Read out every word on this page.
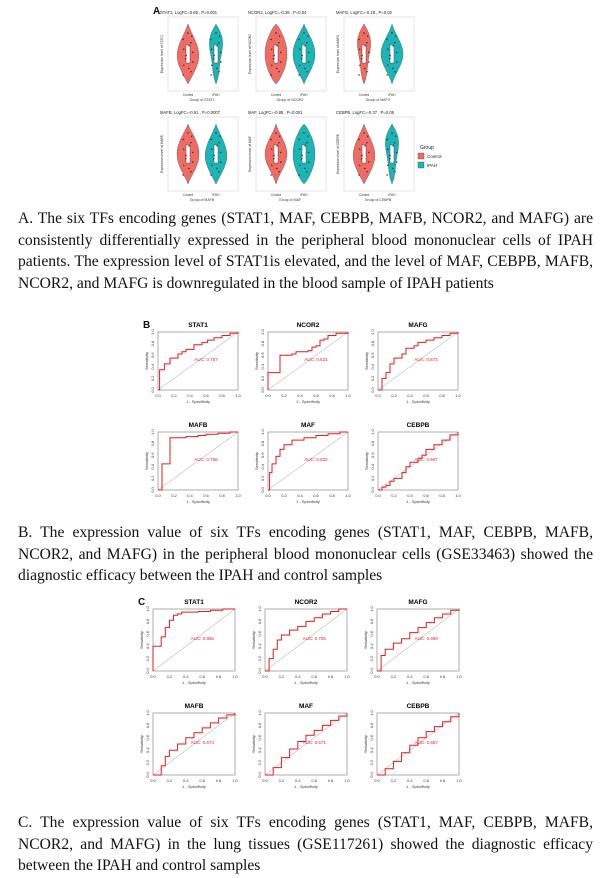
A STAT1, LogFC=0.65 , P=0.001
Expression level of STAT1
Control	IPAH
Group of STAT1
NCOR2, LogFC=-0.35 , P=0.04
Expression level of NCOR2
Control	IPAH
Group of NCOR2
MAFG, LogFC=-0.18 , P=0.02
Expression level of MAFG
Control	IPAH
Group of MAFG
MAFB, LogFC=-0.91 , P=0.0007
Expression level of MAFB
Control	IPAH
Group of MAFB
MAF, LogFC=-0.88 , P=0.001
Expression level of MAF
Control	IPAH
Group of MAF
CEBPB, LogFC=-0.37 , P=0.05
Expression level of CEBPB
Control	IPAH
Group of CEBPB
Group
Control
IPAH
A. The six TFs encoding genes (STAT1, MAF, CEBPB, MAFB, NCOR2, and MAFG) are consistently differentially expressed in the peripheral blood mononuclear cells of IPAH patients. The expression level of STAT1is elevated, and the level of MAF, CEBPB, MAFB, NCOR2, and MAFG is downregulated in the blood sample of IPAH patients
B	STAT1
0.0
0.0
0.2
0.2
0.4
0.4
0.6
0.6
0.8
0.8
1.0
1.0
1 - Specificity
Sensitivity	AUC: 0.757
NCOR2
0.0
0.0
0.2
0.2
0.4
0.4
0.6
0.6
0.8
0.8
1.0
1.0
1 - Specificity
Sensitivity	AUC: 0.621
MAFG
0.0
0.0
0.2
0.2
0.4
0.4
0.6
0.6
0.8
0.8
1.0
1.0
1 - Specificity
Sensitivity	AUC: 0.673
MAFB
0.0
0.0
0.2
0.2
0.4
0.4
0.6
0.6
0.8
0.8
1.0
1.0
1 - Specificity
Sensitivity	AUC: 0.758
MAF
0.0
0.0
0.2
0.2
0.4
0.4
0.6
0.6
0.8
0.8
1.0
1.0
1 - Specificity
Sensitivity	AUC: 0.832
CEBPB
0.0
0.0
0.2
0.2
0.4
0.4
0.6
0.6
0.8
0.8
1.0
1.0
1 - Specificity
Sensitivity	AUC: 0.667
B. The expression value of six TFs encoding genes (STAT1, MAF, CEBPB, MAFB, NCOR2, and MAFG) in the peripheral blood mononuclear cells (GSE33463) showed the diagnostic efficacy between the IPAH and control samples
C	STAT1
0.0
0.0
0.2
0.2
0.4
0.4
0.6
0.6
0.8
0.8
1.0
1.0
1 - Specificity
Sensitivity	AUC: 0.855
NCOR2
0.0
0.0
0.2
0.2
0.4
0.4
0.6
0.6
0.8
0.8
1.0
1.0
1 - Specificity
Sensitivity	AUC: 0.726
MAFG
0.0
0.0
0.2
0.2
0.4
0.4
0.6
0.6
0.8
0.8
1.0
1.0
1 - Specificity
Sensitivity	AUC: 0.690
MAFB
0.0
0.0
0.2
0.2
0.4
0.4
0.6
0.6
0.8
0.8
1.0
1.0
1 - Specificity
Sensitivity	AUC: 0.674
MAF
0.0
0.0
0.2
0.2
0.4
0.4
0.6
0.6
0.8
0.8
1.0
1.0
1 - Specificity
Sensitivity	AUC: 0.671
CEBPB
0.0
0.0
0.2
0.2
0.4
0.4
0.6
0.6
0.8
0.8
1.0
1.0
1 - Specificity
Sensitivity	AUC: 0.657
C. The expression value of six TFs encoding genes (STAT1, MAF, CEBPB, MAFB, NCOR2, and MAFG) in the lung tissues (GSE117261) showed the diagnostic efficacy between the IPAH and control samples
